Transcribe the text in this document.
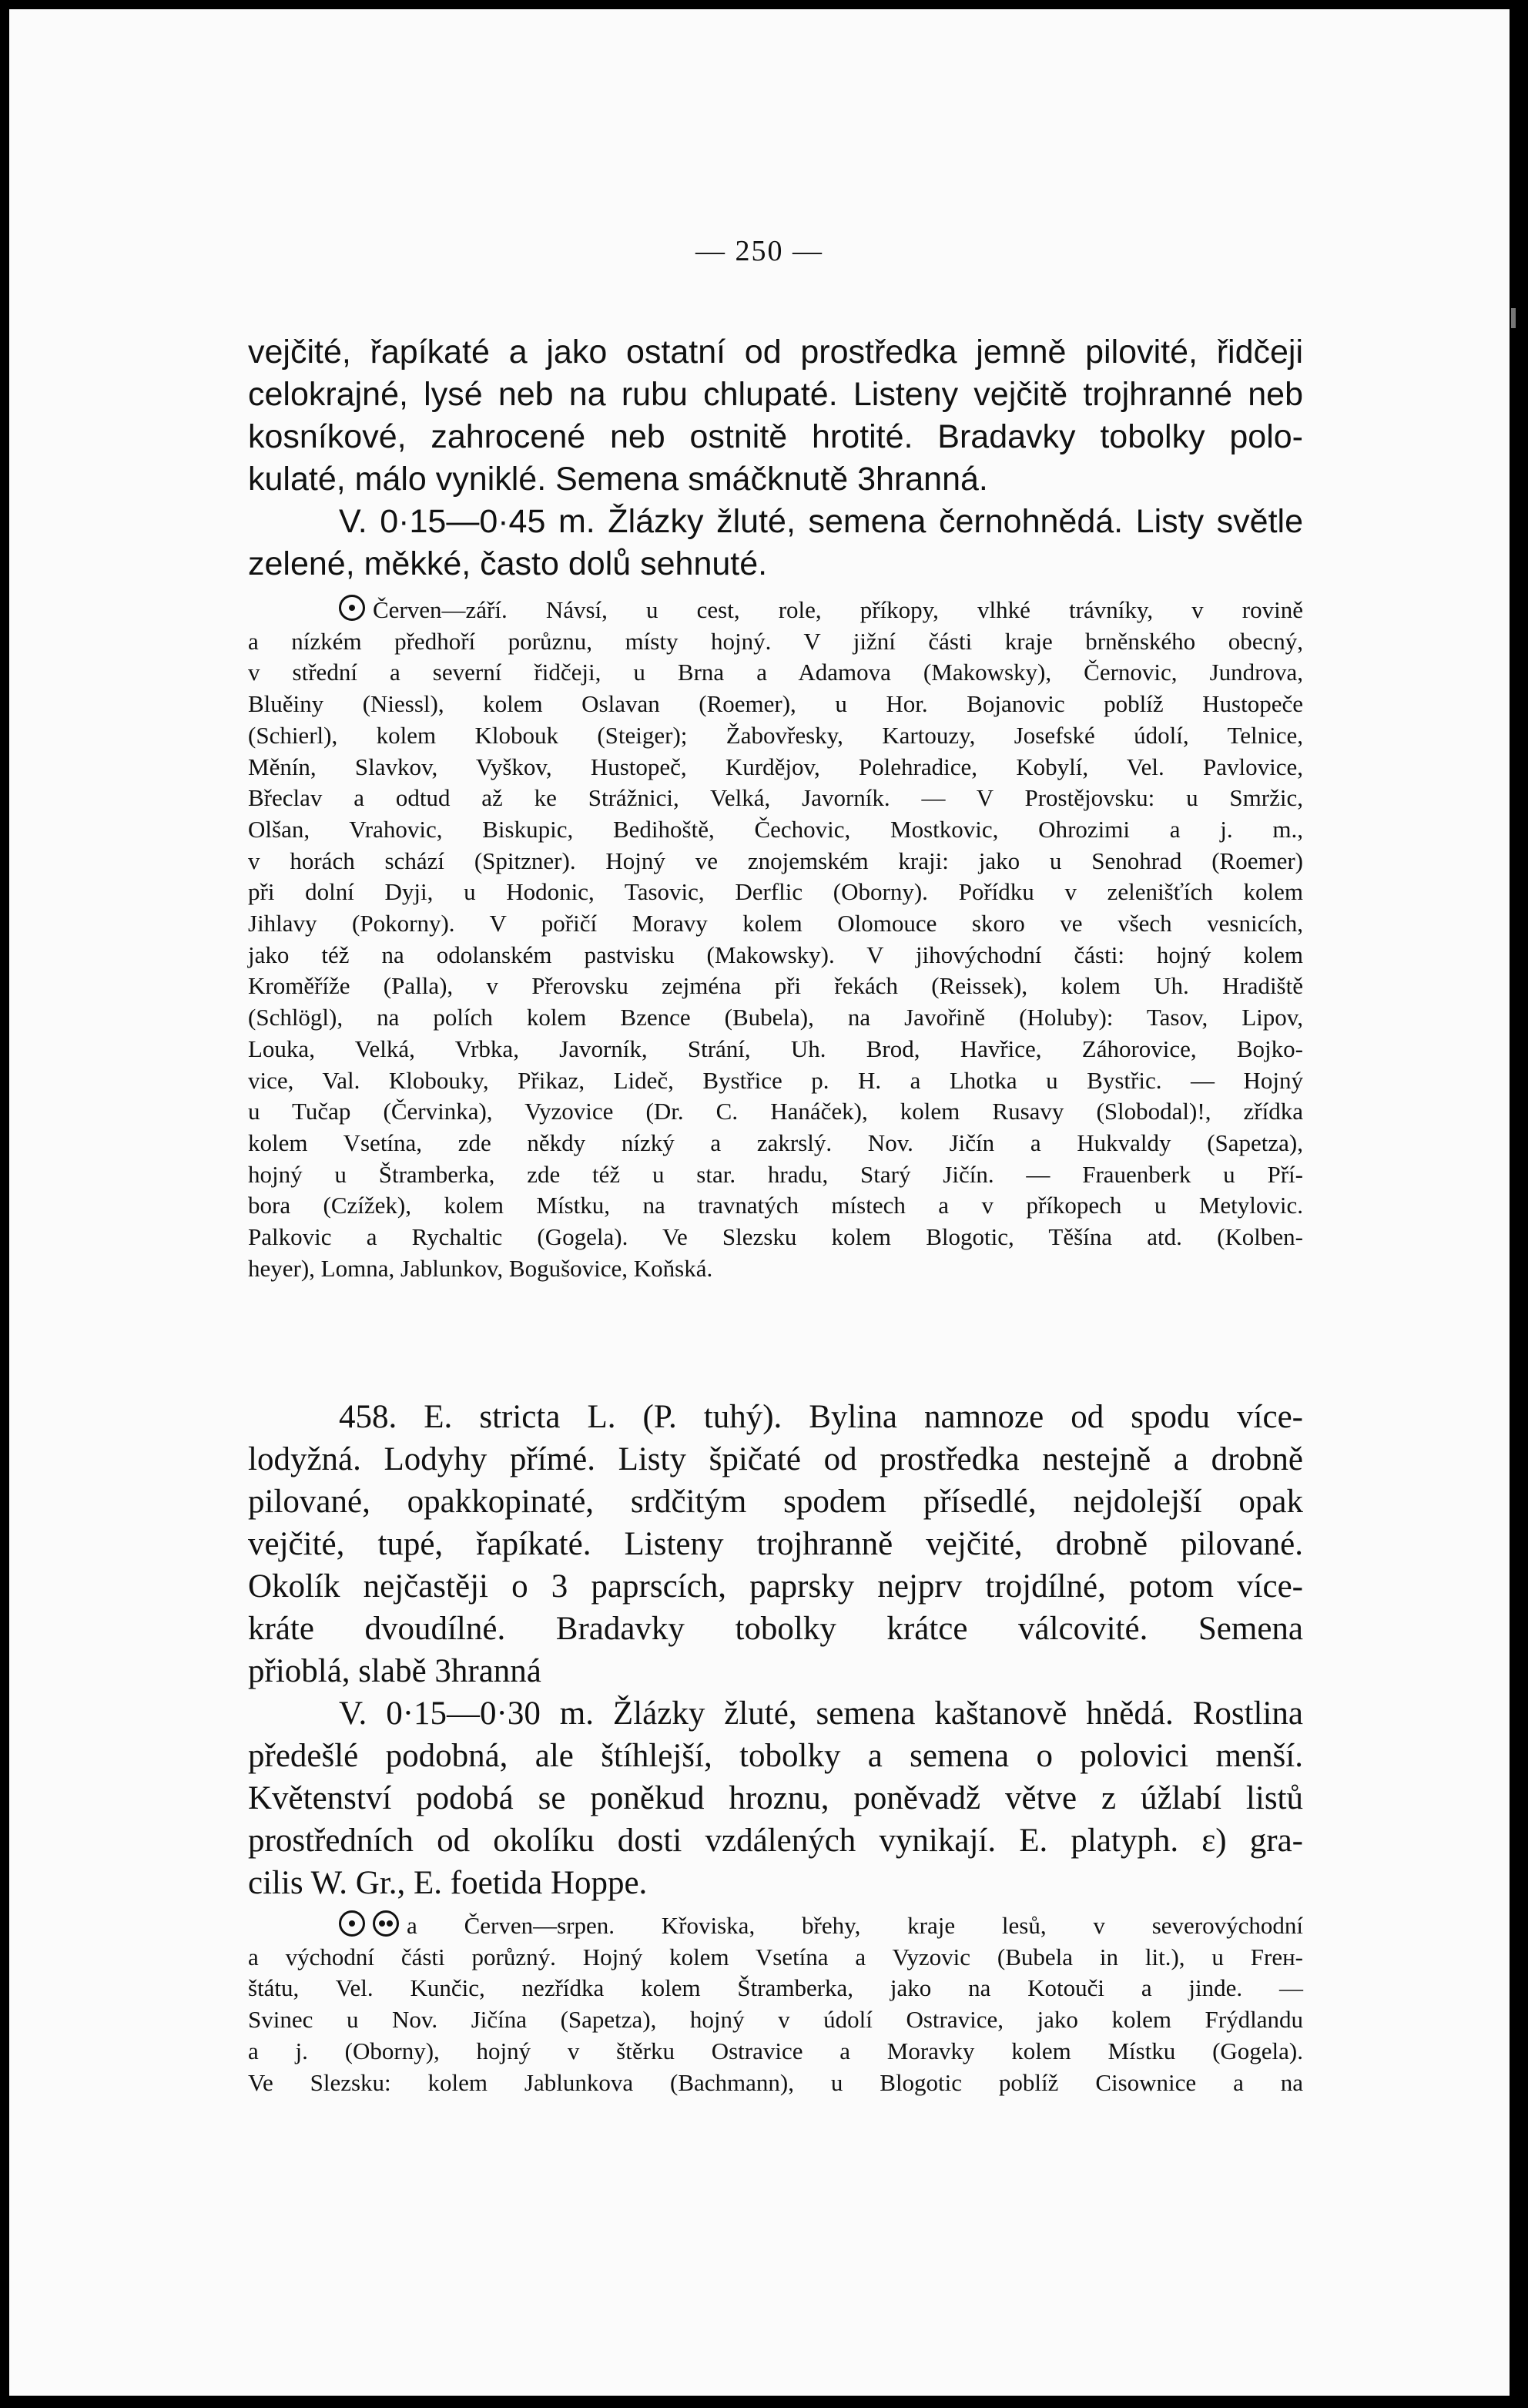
— 250 —
vejčité, řapíkaté a jako ostatní od prostředka jemně pilovité, řidčeji
celokrajné, lysé neb na rubu chlupaté. Listeny vejčitě trojhranné neb
kosníkové, zahrocené neb ostnitě hrotité. Bradavky tobolky polo-
kulaté, málo vyniklé. Semena smáčknutě 3hranná.
V. 0·15—0·45 m. Žlázky žluté, semena černohnědá. Listy světle
zelené, měkké, často dolů sehnuté.
Červen—září. Návsí, u cest, role, příkopy, vlhké trávníky, v rovině
a nízkém předhoří porůznu, místy hojný. V jižní části kraje brněnského obecný,
v střední a severní řidčeji, u Brna a Adamova (Makowsky), Černovic, Jundrova,
Bluěiny (Niessl), kolem Oslavan (Roemer), u Hor. Bojanovic poblíž Hustopeče
(Schierl), kolem Klobouk (Steiger); Žabovřesky, Kartouzy, Josefské údolí, Telnice,
Měnín, Slavkov, Vyškov, Hustopeč, Kurdějov, Polehradice, Kobylí, Vel. Pavlovice,
Břeclav a odtud až ke Strážnici, Velká, Javorník. — V Prostějovsku: u Smržic,
Olšan, Vrahovic, Biskupic, Bedihoště, Čechovic, Mostkovic, Ohrozimi a j. m.,
v horách schází (Spitzner). Hojný ve znojemském kraji: jako u Senohrad (Roemer)
při dolní Dyji, u Hodonic, Tasovic, Derflic (Oborny). Pořídku v zelenišťích kolem
Jihlavy (Pokorny). V pořičí Moravy kolem Olomouce skoro ve všech vesnicích,
jako též na odolanském pastvisku (Makowsky). V jihovýchodní části: hojný kolem
Kroměříže (Palla), v Přerovsku zejména při řekách (Reissek), kolem Uh. Hradiště
(Schlögl), na polích kolem Bzence (Bubela), na Javořině (Holuby): Tasov, Lipov,
Louka, Velká, Vrbka, Javorník, Strání, Uh. Brod, Havřice, Záhorovice, Bojko-
vice, Val. Klobouky, Přikaz, Lideč, Bystřice p. H. a Lhotka u Bystřic. — Hojný
u Tučap (Červinka), Vyzovice (Dr. C. Hanáček), kolem Rusavy (Slobodal)!, zřídka
kolem Vsetína, zde někdy nízký a zakrslý. Nov. Jičín a Hukvaldy (Sapetza),
hojný u Štramberka, zde též u star. hradu, Starý Jičín. — Frauenberk u Pří-
bora (Czížek), kolem Místku, na travnatých místech a v příkopech u Metylovic.
Palkovic a Rychaltic (Gogela). Ve Slezsku kolem Blogotic, Těšína atd. (Kolben-
heyer), Lomna, Jablunkov, Bogušovice, Koňská.
458. E. stricta L. (P. tuhý). Bylina namnoze od spodu více-
lodyžná. Lodyhy přímé. Listy špičaté od prostředka nestejně a drobně
pilované, opakkopinaté, srdčitým spodem přísedlé, nejdolejší opak
vejčité, tupé, řapíkaté. Listeny trojhranně vejčité, drobně pilované.
Okolík nejčastěji o 3 paprscích, paprsky nejprv trojdílné, potom více-
kráte dvoudílné. Bradavky tobolky krátce válcovité. Semena
přioblá, slabě 3hranná
V. 0·15—0·30 m. Žlázky žluté, semena kaštanově hnědá. Rostlina
předešlé podobná, ale štíhlejší, tobolky a semena o polovici menší.
Květenství podobá se poněkud hroznu, poněvadž větve z úžlabí listů
prostředních od okolíku dosti vzdálených vynikají. E. platyph. ε) gra-
cilis W. Gr., E. foetida Hoppe.
a Červen—srpen. Křoviska, břehy, kraje lesů, v severovýchodní
a východní části porůzný. Hojný kolem Vsetína a Vyzovic (Bubela in lit.), u Frен-
štátu, Vel. Kunčic, nezřídka kolem Štramberka, jako na Kotouči a jinde. —
Svinec u Nov. Jičína (Sapetza), hojný v údolí Ostravice, jako kolem Frýdlandu
a j. (Oborny), hojný v štěrku Ostravice a Moravky kolem Místku (Gogela).
Ve Slezsku: kolem Jablunkova (Bachmann), u Blogotic poblíž Cisownice a na
